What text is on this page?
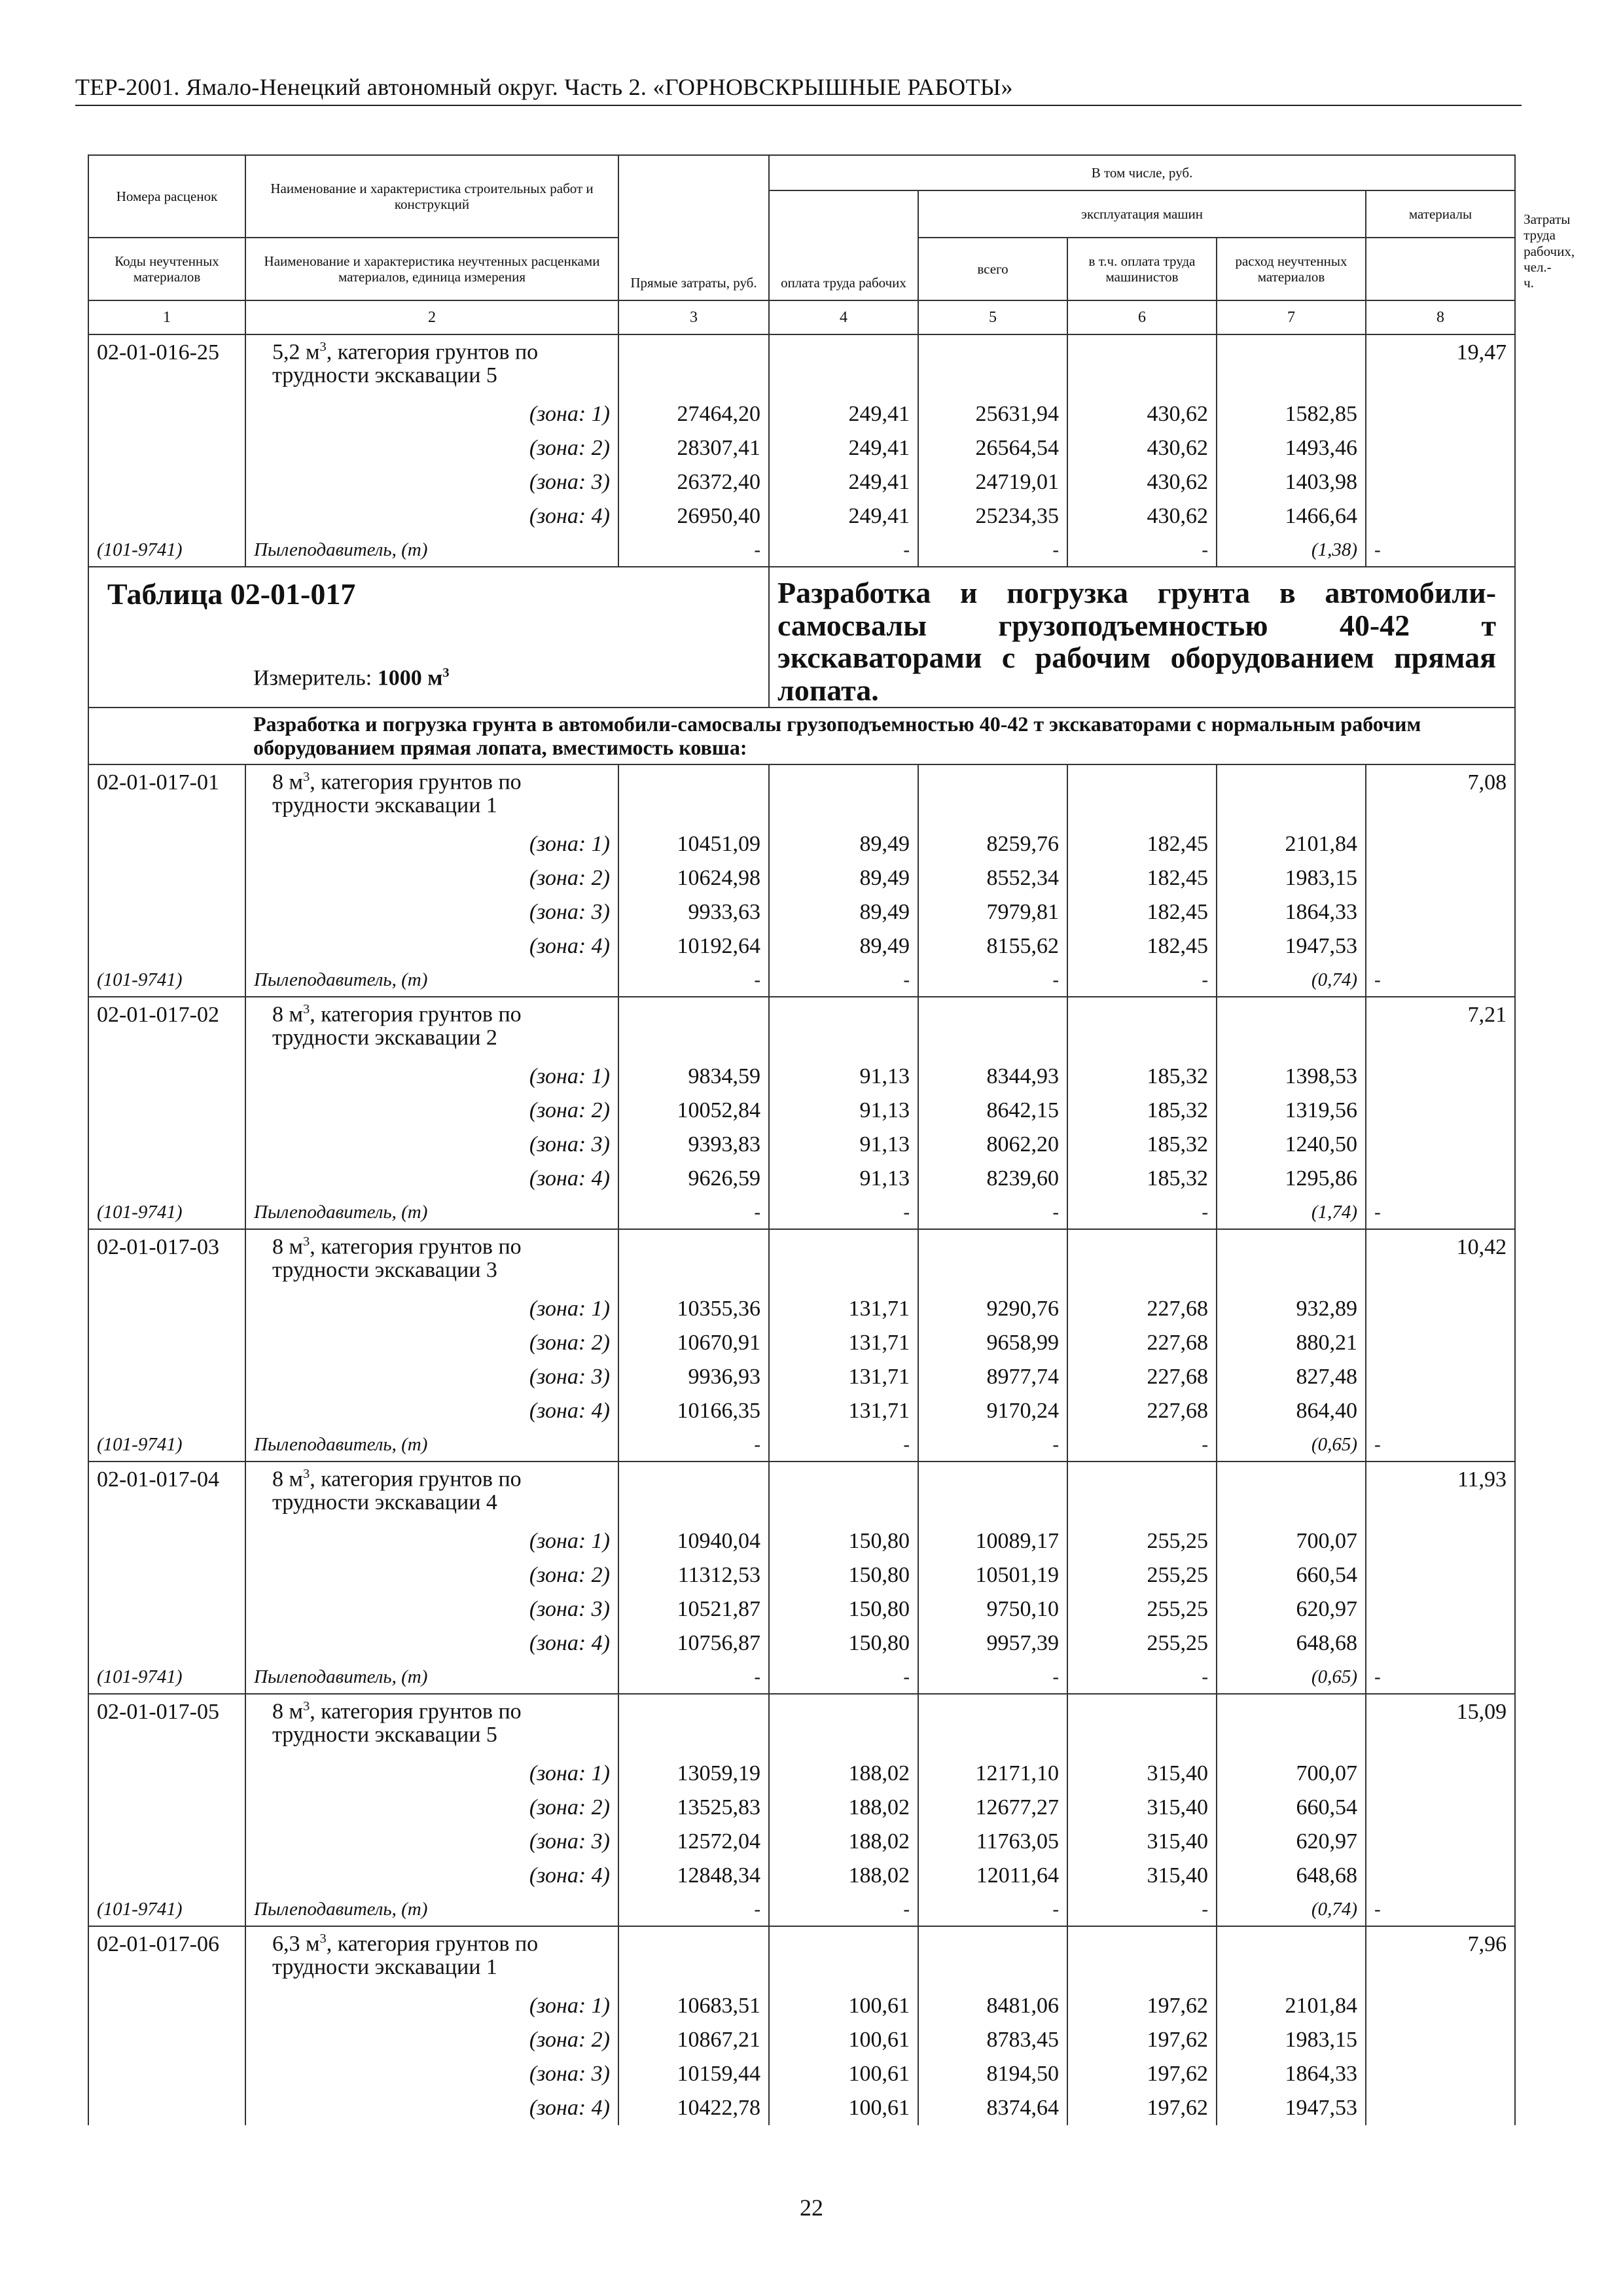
ТЕР-2001. Ямало-Ненецкий автономный округ. Часть 2. «ГОРНОВСКРЫШНЫЕ РАБОТЫ»
Номера расценок	Наименование и характеристика строительных работ и конструкций	Прямые затраты, руб.	В том числе, руб.					Затраты труда рабочих, чел.-ч.
			оплата труда рабочих	эксплуатация машин			материалы	
Коды неучтенных материалов	Наименование и характеристика неучтенных расценками материалов, единица измерения			всего	в т.ч. оплата труда машинистов	расход неучтенных материалов		
1	2	3	4	5	6	7	8	
02-01-016-25	5,2 $м^3$, категория грунтов по трудности экскавации 5						19,47	
	(зона: 1)	27464,20	249,41	25631,94	430,62	1582,85		
	(зона: 2)	28307,41	249,41	26564,54	430,62	1493,46		
	(зона: 3)	26372,40	249,41	24719,01	430,62	1403,98		
	(зона: 4)	26950,40	249,41	25234,35	430,62	1466,64		
(101-9741)	Пылеподавитель, (т)	-	-	-	-	(1,38)	-	
Таблица 02-01-017			Разработка и погрузка грунта в автомобили-самосвалы грузоподъемностью 40-42 т экскаваторами с рабочим оборудованием прямая лопата.					
	Измеритель: 1000 $м^3$
	Разработка и погрузка грунта в автомобили-самосвалы грузоподъемностью 40-42 т экскаваторами с нормальным рабочим оборудованием прямая лопата, вместимость ковша:							
02-01-017-01	8 $м^3$, категория грунтов по трудности экскавации 1						7,08	
	(зона: 1)	10451,09	89,49	8259,76	182,45	2101,84		
	(зона: 2)	10624,98	89,49	8552,34	182,45	1983,15		
	(зона: 3)	9933,63	89,49	7979,81	182,45	1864,33		
	(зона: 4)	10192,64	89,49	8155,62	182,45	1947,53		
(101-9741)	Пылеподавитель, (т)	-	-	-	-	(0,74)	-	
02-01-017-02	8 $м^3$, категория грунтов по трудности экскавации 2						7,21	
	(зона: 1)	9834,59	91,13	8344,93	185,32	1398,53		
	(зона: 2)	10052,84	91,13	8642,15	185,32	1319,56		
	(зона: 3)	9393,83	91,13	8062,20	185,32	1240,50		
	(зона: 4)	9626,59	91,13	8239,60	185,32	1295,86		
(101-9741)	Пылеподавитель, (т)	-	-	-	-	(1,74)	-	
02-01-017-03	8 $м^3$, категория грунтов по трудности экскавации 3						10,42	
	(зона: 1)	10355,36	131,71	9290,76	227,68	932,89		
	(зона: 2)	10670,91	131,71	9658,99	227,68	880,21		
	(зона: 3)	9936,93	131,71	8977,74	227,68	827,48		
	(зона: 4)	10166,35	131,71	9170,24	227,68	864,40		
(101-9741)	Пылеподавитель, (т)	-	-	-	-	(0,65)	-	
02-01-017-04	8 $м^3$, категория грунтов по трудности экскавации 4						11,93	
	(зона: 1)	10940,04	150,80	10089,17	255,25	700,07		
	(зона: 2)	11312,53	150,80	10501,19	255,25	660,54		
	(зона: 3)	10521,87	150,80	9750,10	255,25	620,97		
	(зона: 4)	10756,87	150,80	9957,39	255,25	648,68		
(101-9741)	Пылеподавитель, (т)	-	-	-	-	(0,65)	-	
02-01-017-05	8 $м^3$, категория грунтов по трудности экскавации 5						15,09	
	(зона: 1)	13059,19	188,02	12171,10	315,40	700,07		
	(зона: 2)	13525,83	188,02	12677,27	315,40	660,54		
	(зона: 3)	12572,04	188,02	11763,05	315,40	620,97		
	(зона: 4)	12848,34	188,02	12011,64	315,40	648,68		
(101-9741)	Пылеподавитель, (т)	-	-	-	-	(0,74)	-	
02-01-017-06	6,3 $м^3$, категория грунтов по трудности экскавации 1						7,96	
	(зона: 1)	10683,51	100,61	8481,06	197,62	2101,84		
	(зона: 2)	10867,21	100,61	8783,45	197,62	1983,15		
	(зона: 3)	10159,44	100,61	8194,50	197,62	1864,33		
	(зона: 4)	10422,78	100,61	8374,64	197,62	1947,53		
22
